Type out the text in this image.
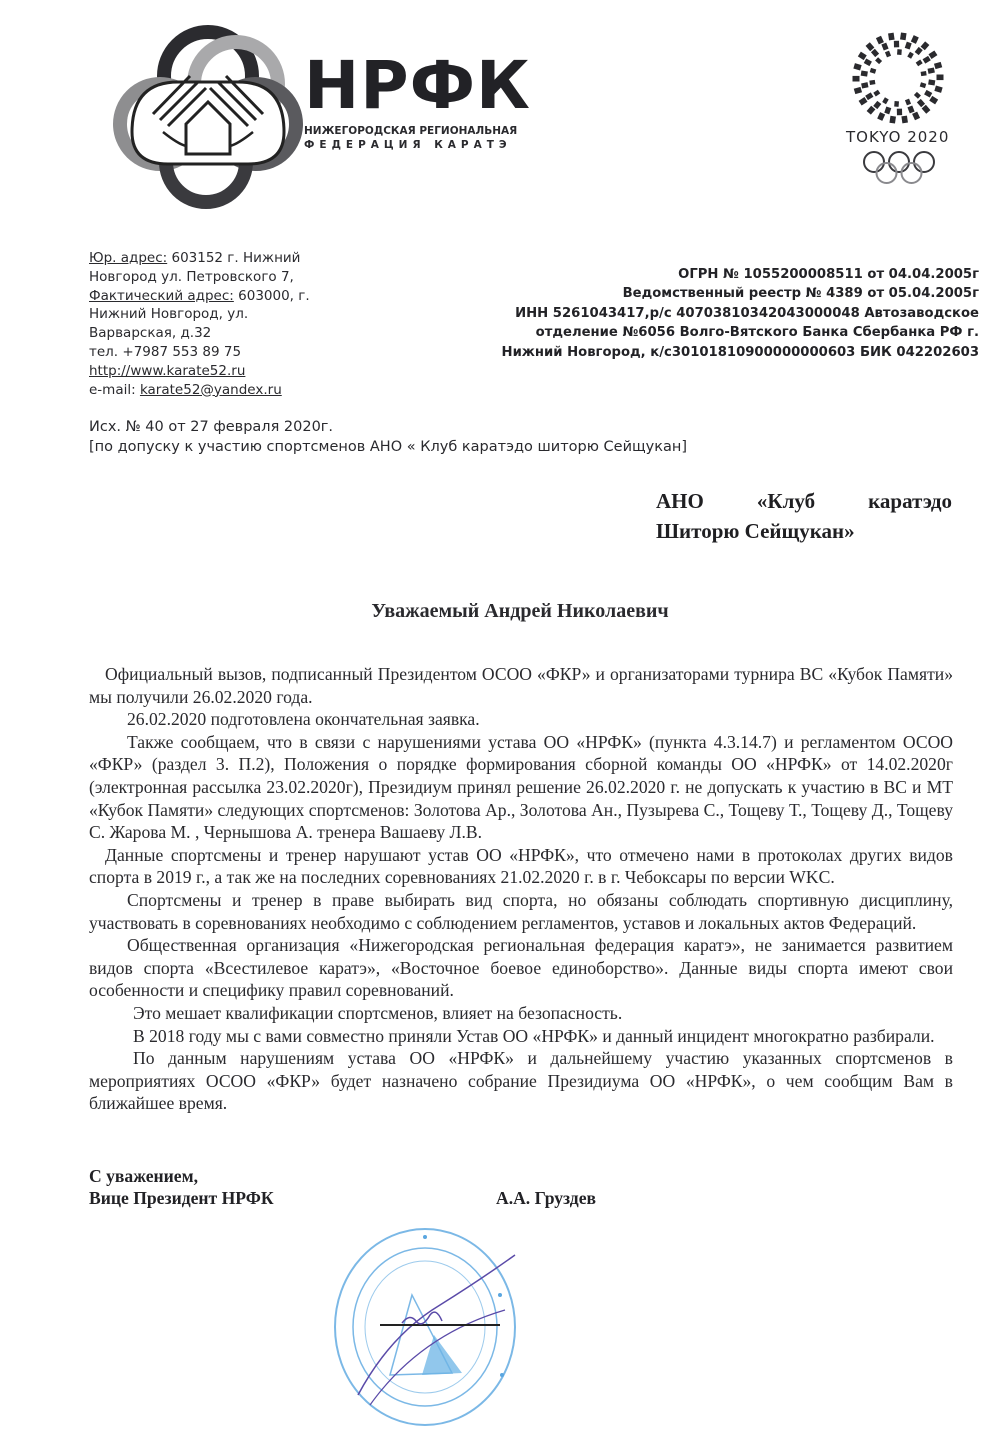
НРФК
НИЖЕГОРОДСКАЯ РЕГИОНАЛЬНАЯ
ФЕДЕРАЦИЯ КАРАТЭ	TOKYO 2020
Юр. адрес: 603152 г. Нижний
Новгород ул. Петровского 7,
Фактический адрес: 603000, г.
Нижний Новгород, ул.
Варварская, д.32
тел. +7987 553 89 75
http://www.karate52.ru
e-mail: karate52@yandex.ru
ОГРН № 1055200008511 от 04.04.2005г
Ведомственный реестр № 4389 от 05.04.2005г
ИНН 5261043417,р/с 40703810342043000048 Автозаводское
отделение №6056 Волго-Вятского Банка Сбербанка РФ г.
Нижний Новгород, к/с30101810900000000603 БИК 042202603
Исх. № 40 от 27 февраля 2020г.
[по допуску к участию спортсменов АНО « Клуб каратэдо шиторю Сейщукан]
АНО	«Клуб	каратэдо
Шиторю Сейщукан»
Уважаемый Андрей Николаевич

Официальный вызов, подписанный Президентом ОСОО «ФКР» и организаторами турнира ВС «Кубок Памяти» мы получили 26.02.2020 года.

26.02.2020 подготовлена окончательная заявка.

Также сообщаем, что в связи с нарушениями устава ОО «НРФК» (пункта 4.3.14.7) и регламентом ОСОО «ФКР» (раздел 3. П.2), Положения о порядке формирования сборной команды ОО «НРФК» от 14.02.2020г (электронная рассылка 23.02.2020г), Президиум принял решение 26.02.2020 г. не допускать к участию в ВС и МТ «Кубок Памяти» следующих спортсменов: Золотова Ар., Золотова Ан., Пузырева С., Тощеву Т., Тощеву Д., Тощеву С. Жарова М. , Чернышова А. тренера Вашаеву Л.В.

Данные спортсмены и тренер нарушают устав ОО «НРФК», что отмечено нами в протоколах других видов спорта в 2019 г., а так же на последних соревнованиях 21.02.2020 г. в г. Чебоксары по версии WKC.

Спортсмены и тренер в праве выбирать вид спорта, но обязаны соблюдать спортивную дисциплину, участвовать в соревнованиях необходимо с соблюдением регламентов, уставов и локальных актов Федераций.

Общественная организация «Нижегородская региональная федерация каратэ», не занимается развитием видов спорта «Всестилевое каратэ», «Восточное боевое единоборство». Данные виды спорта имеют свои особенности и специфику правил соревнований.

Это мешает квалификации спортсменов, влияет на безопасность.

В 2018 году мы с вами совместно приняли Устав ОО «НРФК» и данный инцидент многократно разбирали.

По данным нарушениям устава ОО «НРФК» и дальнейшему участию указанных спортсменов в мероприятиях ОСОО «ФКР» будет назначено собрание Президиума ОО «НРФК», о чем сообщим Вам в ближайшее время.

С уважением,
Вице Президент НРФК	А.А. Груздев
